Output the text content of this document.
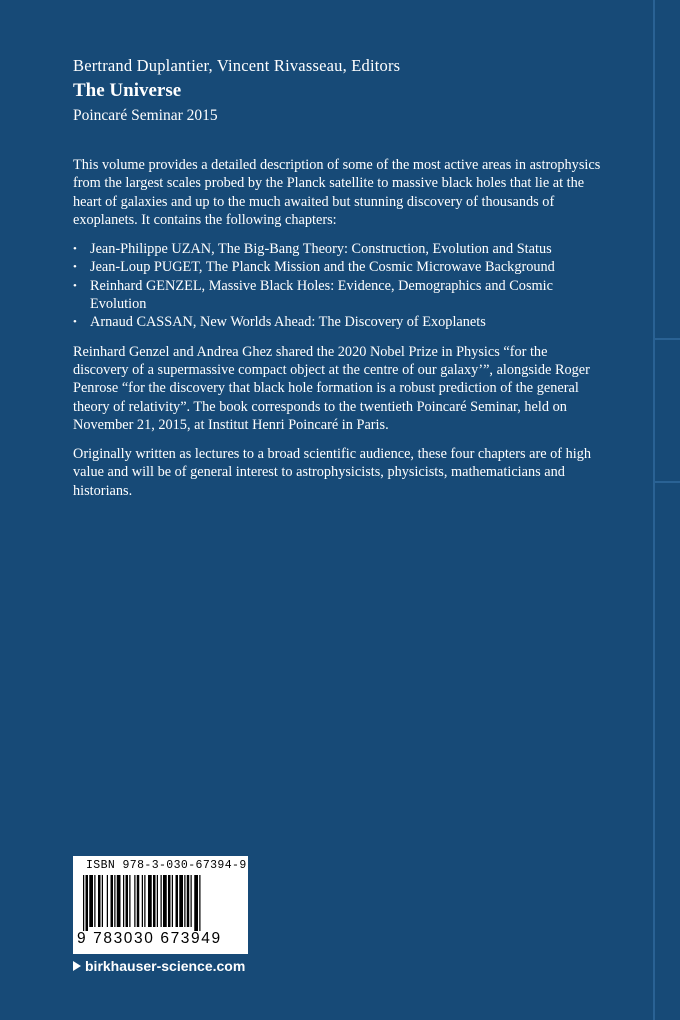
Bertrand Duplantier, Vincent Rivasseau, Editors
The Universe
Poincaré Seminar 2015

This volume provides a detailed description of some of the most active areas in astrophysics from the largest scales probed by the Planck satellite to massive black holes that lie at the heart of galaxies and up to the much awaited but stunning discovery of thousands of exoplanets. It contains the following chapters:

• Jean-Philippe UZAN, The Big-Bang Theory: Construction, Evolution and Status
• Jean-Loup PUGET, The Planck Mission and the Cosmic Microwave Background
• Reinhard GENZEL, Massive Black Holes: Evidence, Demographics and Cosmic Evolution
• Arnaud CASSAN, New Worlds Ahead: The Discovery of Exoplanets

Reinhard Genzel and Andrea Ghez shared the 2020 Nobel Prize in Physics “for the discovery of a supermassive compact object at the centre of our galaxy’”, alongside Roger Penrose “for the discovery that black hole formation is a robust prediction of the general theory of relativity”. The book corresponds to the twentieth Poincaré Seminar, held on November 21, 2015, at Institut Henri Poincaré in Paris.

Originally written as lectures to a broad scientific audience, these four chapters are of high value and will be of general interest to astrophysicists, physicists, mathematicians and historians.

ISBN 978-3-030-67394-9
9 783030 673949
birkhauser-science.com
